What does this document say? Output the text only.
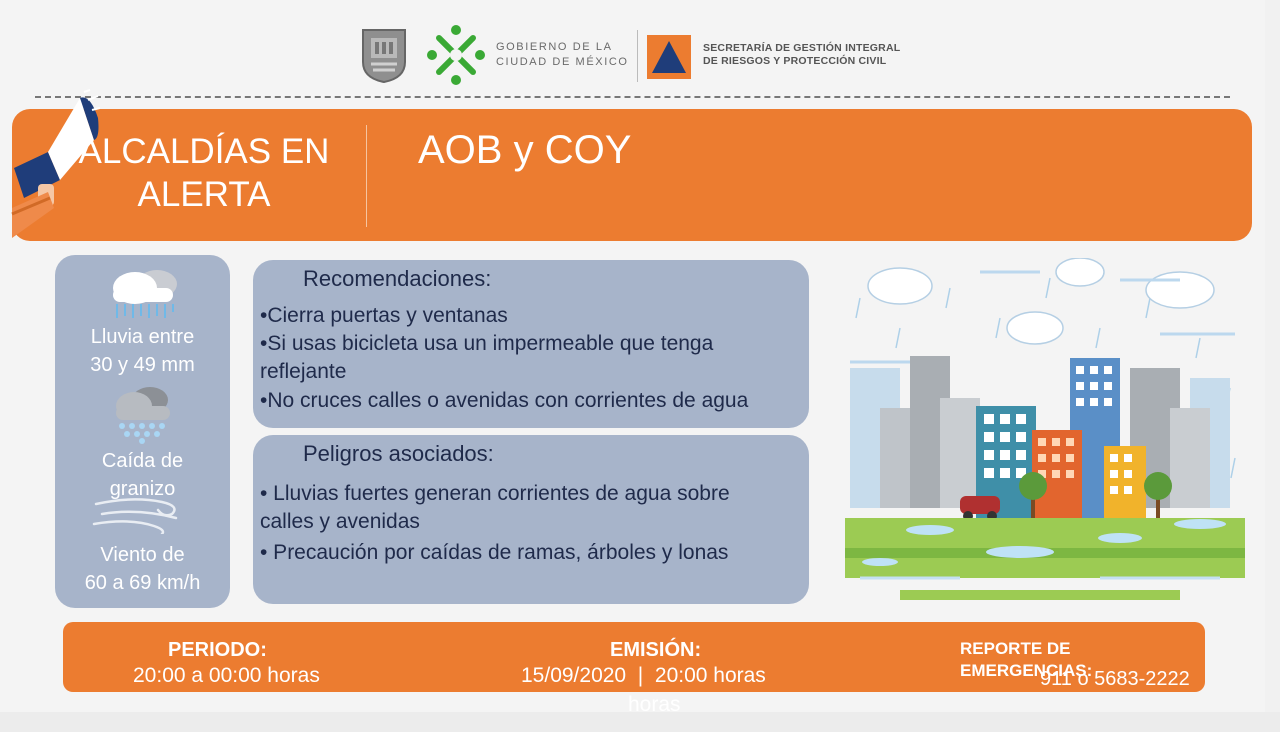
GOBIERNO DE LA
CIUDAD DE MÉXICO
SECRETARÍA DE GESTIÓN INTEGRAL
DE RIESGOS Y PROTECCIÓN CIVIL
ALCALDÍAS EN
ALERTA
AOB y COY
Lluvia entre
30 y 49 mm
Caída de
granizo
Viento de
60 a 69 km/h
Recomendaciones:
•Cierra puertas y ventanas
•Si usas bicicleta usa un impermeable que tenga
reflejante
•No cruces calles o avenidas con corrientes de agua
Peligros asociados:
• Lluvias fuertes generan corrientes de agua sobre
calles y avenidas
• Precaución por caídas de ramas, árboles y lonas
PERIODO:
20:00 a 00:00 horas
EMISIÓN:
15/09/2020  |  20:00 horas
horas
REPORTE DE
EMERGENCIAS:
911 o 5683-2222
